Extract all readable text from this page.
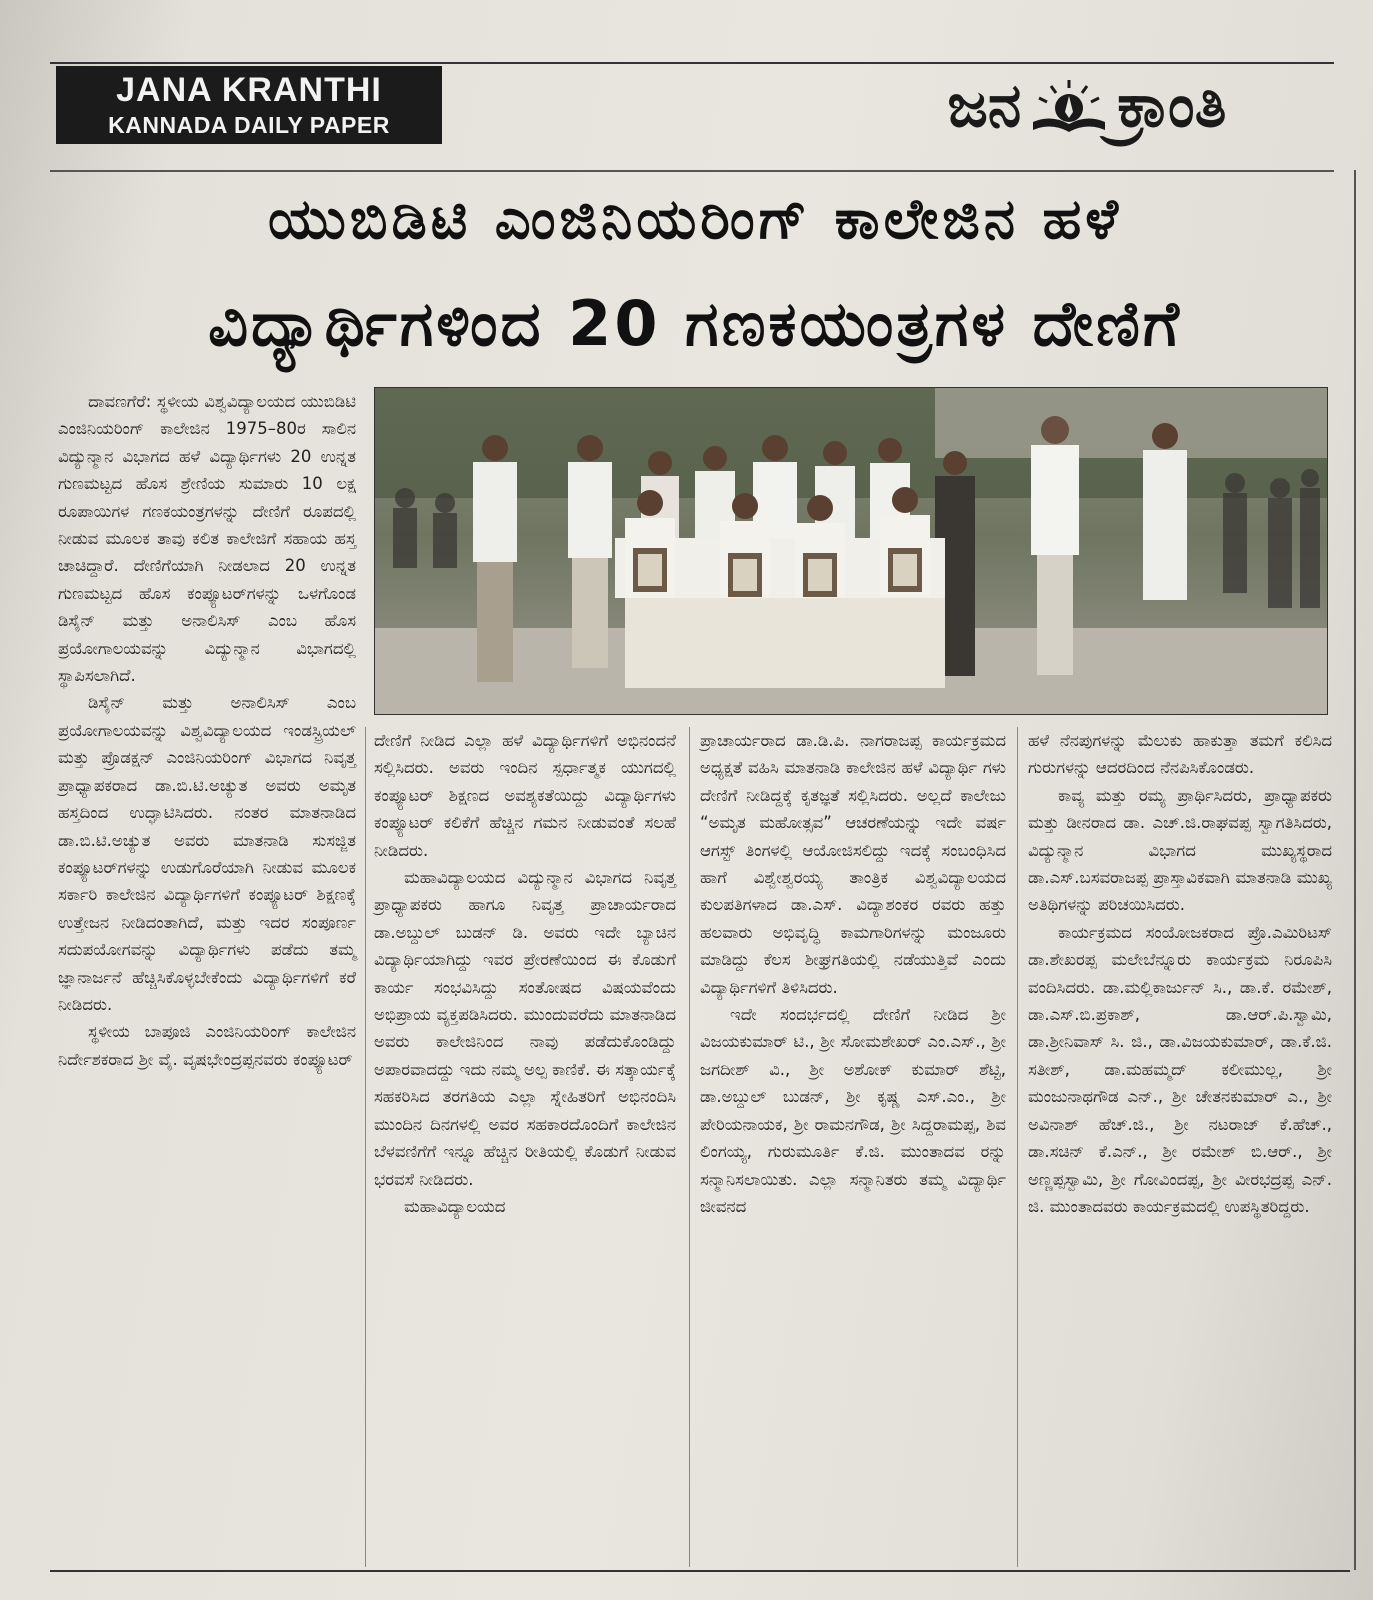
JANA KRANTHI
KANNADA DAILY PAPER	ಜನ ಕ್ರಾಂತಿ
ಯುಬಿಡಿಟಿ ಎಂಜಿನಿಯರಿಂಗ್ ಕಾಲೇಜಿನ ಹಳೆ
ವಿದ್ಯಾರ್ಥಿಗಳಿಂದ 20 ಗಣಕಯಂತ್ರಗಳ ದೇಣಿಗೆ

ದಾವಣಗೆರೆ: ಸ್ಥಳೀಯ ವಿಶ್ವವಿದ್ಯಾಲಯದ ಯುಬಿಡಿಟಿ ಎಂಜಿನಿಯರಿಂಗ್ ಕಾಲೇಜಿನ 1975–80ರ ಸಾಲಿನ ವಿದ್ಯುನ್ಮಾನ ವಿಭಾಗದ ಹಳೆ ವಿದ್ಯಾರ್ಥಿಗಳು 20 ಉನ್ನತ ಗುಣಮಟ್ಟದ ಹೊಸ ಶ್ರೇಣಿಯ ಸುಮಾರು 10 ಲಕ್ಷ ರೂಪಾಯಿಗಳ ಗಣಕಯಂತ್ರಗಳನ್ನು ದೇಣಿಗೆ ರೂಪದಲ್ಲಿ ನೀಡುವ ಮೂಲಕ ತಾವು ಕಲಿತ ಕಾಲೇಜಿಗೆ ಸಹಾಯ ಹಸ್ತ ಚಾಚಿದ್ದಾರೆ. ದೇಣಿಗೆಯಾಗಿ ನೀಡಲಾದ 20 ಉನ್ನತ ಗುಣಮಟ್ಟದ ಹೊಸ ಕಂಪ್ಯೂಟರ್‌ಗಳನ್ನು ಒಳಗೊಂಡ ಡಿಸೈನ್ ಮತ್ತು ಅನಾಲಿಸಿಸ್ ಎಂಬ ಹೊಸ ಪ್ರಯೋಗಾಲಯವನ್ನು ವಿದ್ಯುನ್ಮಾನ ವಿಭಾಗದಲ್ಲಿ ಸ್ಥಾಪಿಸಲಾಗಿದೆ.

ಡಿಸೈನ್ ಮತ್ತು ಅನಾಲಿಸಿಸ್ ಎಂಬ ಪ್ರಯೋಗಾಲಯವನ್ನು ವಿಶ್ವವಿದ್ಯಾಲಯದ ಇಂಡಸ್ಟ್ರಿಯಲ್ ಮತ್ತು ಪ್ರೊಡಕ್ಷನ್ ಎಂಜಿನಿಯರಿಂಗ್ ವಿಭಾಗದ ನಿವೃತ್ತ ಪ್ರಾಧ್ಯಾಪಕರಾದ ಡಾ.ಬಿ.ಟಿ.ಅಚ್ಯುತ ಅವರು ಅಮೃತ ಹಸ್ತದಿಂದ ಉದ್ಘಾಟಿಸಿದರು. ನಂತರ ಮಾತನಾಡಿದ ಡಾ.ಬಿ.ಟಿ.ಅಚ್ಯುತ ಅವರು ಮಾತನಾಡಿ ಸುಸಜ್ಜಿತ ಕಂಪ್ಯೂಟರ್‌ಗಳನ್ನು ಉಡುಗೊರೆಯಾಗಿ ನೀಡುವ ಮೂಲಕ ಸರ್ಕಾರಿ ಕಾಲೇಜಿನ ವಿದ್ಯಾರ್ಥಿಗಳಿಗೆ ಕಂಪ್ಯೂಟರ್ ಶಿಕ್ಷಣಕ್ಕೆ ಉತ್ತೇಜನ ನೀಡಿದಂತಾಗಿದೆ, ಮತ್ತು ಇದರ ಸಂಪೂರ್ಣ ಸದುಪಯೋಗವನ್ನು ವಿದ್ಯಾರ್ಥಿಗಳು ಪಡೆದು ತಮ್ಮ ಜ್ಞಾನಾರ್ಜನೆ ಹೆಚ್ಚಿಸಿಕೊಳ್ಳಬೇಕೆಂದು ವಿದ್ಯಾರ್ಥಿಗಳಿಗೆ ಕರೆ ನೀಡಿದರು.

ಸ್ಥಳೀಯ ಬಾಪೂಜಿ ಎಂಜಿನಿಯರಿಂಗ್ ಕಾಲೇಜಿನ ನಿರ್ದೇಶಕರಾದ ಶ್ರೀ ವೈ. ವೃಷಭೇಂದ್ರಪ್ಪನವರು ಕಂಪ್ಯೂಟರ್

ದೇಣಿಗೆ ನೀಡಿದ ಎಲ್ಲಾ ಹಳೆ ವಿದ್ಯಾರ್ಥಿಗಳಿಗೆ ಅಭಿನಂದನೆ ಸಲ್ಲಿಸಿದರು. ಅವರು ಇಂದಿನ ಸ್ಪರ್ಧಾತ್ಮಕ ಯುಗದಲ್ಲಿ ಕಂಪ್ಯೂಟರ್ ಶಿಕ್ಷಣದ ಅವಶ್ಯಕತೆಯಿದ್ದು ವಿದ್ಯಾರ್ಥಿಗಳು ಕಂಪ್ಯೂಟರ್ ಕಲಿಕೆಗೆ ಹೆಚ್ಚಿನ ಗಮನ ನೀಡುವಂತೆ ಸಲಹೆ ನೀಡಿದರು.

ಮಹಾವಿದ್ಯಾಲಯದ ವಿದ್ಯುನ್ಮಾನ ವಿಭಾಗದ ನಿವೃತ್ತ ಪ್ರಾಧ್ಯಾಪಕರು ಹಾಗೂ ನಿವೃತ್ತ ಪ್ರಾಚಾರ್ಯರಾದ ಡಾ.ಅಬ್ದುಲ್ ಬುಡನ್ ಡಿ. ಅವರು ಇದೇ ಬ್ಯಾಚಿನ ವಿದ್ಯಾರ್ಥಿಯಾಗಿದ್ದು ಇವರ ಪ್ರೇರಣೆಯಿಂದ ಈ ಕೊಡುಗೆ ಕಾರ್ಯ ಸಂಭವಿಸಿದ್ದು ಸಂತೋಷದ ವಿಷಯವೆಂದು ಅಭಿಪ್ರಾಯ ವ್ಯಕ್ತಪಡಿಸಿದರು. ಮುಂದುವರೆದು ಮಾತನಾಡಿದ ಅವರು ಕಾಲೇಜಿನಿಂದ ನಾವು ಪಡೆದುಕೊಂಡಿದ್ದು ಅಪಾರವಾದದ್ದು ಇದು ನಮ್ಮ ಅಲ್ಪ ಕಾಣಿಕೆ. ಈ ಸತ್ಕಾರ್ಯಕ್ಕೆ ಸಹಕರಿಸಿದ ತರಗತಿಯ ಎಲ್ಲಾ ಸ್ನೇಹಿತರಿಗೆ ಅಭಿನಂದಿಸಿ ಮುಂದಿನ ದಿನಗಳಲ್ಲಿ ಅವರ ಸಹಕಾರದೊಂದಿಗೆ ಕಾಲೇಜಿನ ಬೆಳವಣಿಗೆಗೆ ಇನ್ನೂ ಹೆಚ್ಚಿನ ರೀತಿಯಲ್ಲಿ ಕೊಡುಗೆ ನೀಡುವ ಭರವಸೆ ನೀಡಿದರು.

ಮಹಾವಿದ್ಯಾಲಯದ

ಪ್ರಾಚಾರ್ಯರಾದ ಡಾ.ಡಿ.ಪಿ. ನಾಗರಾಜಪ್ಪ ಕಾರ್ಯಕ್ರಮದ ಅಧ್ಯಕ್ಷತೆ ವಹಿಸಿ ಮಾತನಾಡಿ ಕಾಲೇಜಿನ ಹಳೆ ವಿದ್ಯಾರ್ಥಿ ಗಳು ದೇಣಿಗೆ ನೀಡಿದ್ದಕ್ಕೆ ಕೃತಜ್ಞತೆ ಸಲ್ಲಿಸಿದರು. ಅಲ್ಲದೆ ಕಾಲೇಜು “ಅಮೃತ ಮಹೋತ್ಸವ” ಆಚರಣೆಯನ್ನು ಇದೇ ವರ್ಷ ಆಗಸ್ಟ್ ತಿಂಗಳಲ್ಲಿ ಆಯೋಜಿಸಲಿದ್ದು ಇದಕ್ಕೆ ಸಂಬಂಧಿಸಿದ ಹಾಗೆ ವಿಶ್ವೇಶ್ವರಯ್ಯ ತಾಂತ್ರಿಕ ವಿಶ್ವವಿದ್ಯಾಲಯದ ಕುಲಪತಿಗಳಾದ ಡಾ.ಎಸ್. ವಿದ್ಯಾಶಂಕರ ರವರು ಹತ್ತು ಹಲವಾರು ಅಭಿವೃದ್ಧಿ ಕಾಮಗಾರಿಗಳನ್ನು ಮಂಜೂರು ಮಾಡಿದ್ದು ಕೆಲಸ ಶೀಘ್ರಗತಿಯಲ್ಲಿ ನಡೆಯುತ್ತಿವೆ ಎಂದು ವಿದ್ಯಾರ್ಥಿಗಳಿಗೆ ತಿಳಿಸಿದರು.

ಇದೇ ಸಂದರ್ಭದಲ್ಲಿ ದೇಣಿಗೆ ನೀಡಿದ ಶ್ರೀ ವಿಜಯಕುಮಾರ್ ಟಿ., ಶ್ರೀ ಸೋಮಶೇಖರ್ ಎಂ.ಎಸ್., ಶ್ರೀ ಜಗದೀಶ್ ವಿ., ಶ್ರೀ ಅಶೋಕ್ ಕುಮಾರ್ ಶೆಟ್ಟಿ, ಡಾ.ಅಬ್ದುಲ್ ಬುಡನ್, ಶ್ರೀ ಕೃಷ್ಣ ಎಸ್.ಎಂ., ಶ್ರೀ ಪೇರಿಯನಾಯಕ, ಶ್ರೀ ರಾಮನಗೌಡ, ಶ್ರೀ ಸಿದ್ದರಾಮಪ್ಪ, ಶಿವ ಲಿಂಗಯ್ಯ, ಗುರುಮೂರ್ತಿ ಕೆ.ಜಿ. ಮುಂತಾದವ ರನ್ನು ಸನ್ಮಾನಿಸಲಾಯಿತು. ಎಲ್ಲಾ ಸನ್ಮಾನಿತರು ತಮ್ಮ ವಿದ್ಯಾರ್ಥಿ ಜೀವನದ

ಹಳೆ ನೆನಪುಗಳನ್ನು ಮೆಲುಕು ಹಾಕುತ್ತಾ ತಮಗೆ ಕಲಿಸಿದ ಗುರುಗಳನ್ನು ಆದರದಿಂದ ನೆನಪಿಸಿಕೊಂಡರು.

ಕಾವ್ಯ ಮತ್ತು ರಮ್ಯ ಪ್ರಾರ್ಥಿಸಿದರು, ಪ್ರಾಧ್ಯಾಪಕರು ಮತ್ತು ಡೀನರಾದ ಡಾ. ಎಚ್.ಜಿ.ರಾಘವಪ್ಪ ಸ್ವಾಗತಿಸಿದರು, ವಿದ್ಯುನ್ಮಾನ ವಿಭಾಗದ ಮುಖ್ಯಸ್ಥರಾದ ಡಾ.ಎಸ್.ಬಸವರಾಜಪ್ಪ ಪ್ರಾಸ್ತಾವಿಕವಾಗಿ ಮಾತನಾಡಿ ಮುಖ್ಯ ಅತಿಥಿಗಳನ್ನು ಪರಿಚಯಿಸಿದರು.

ಕಾರ್ಯಕ್ರಮದ ಸಂಯೋಜಕರಾದ ಪ್ರೊ.ಎಮಿರಿಟಸ್ ಡಾ.ಶೇಖರಪ್ಪ ಮಲೇಬೆನ್ನೂರು ಕಾರ್ಯಕ್ರಮ ನಿರೂಪಿಸಿ ವಂದಿಸಿದರು. ಡಾ.ಮಲ್ಲಿಕಾರ್ಜುನ್ ಸಿ., ಡಾ.ಕೆ. ರಮೇಶ್, ಡಾ.ಎಸ್.ಬಿ.ಪ್ರಕಾಶ್, ಡಾ.ಆರ್.ಪಿ.ಸ್ವಾಮಿ, ಡಾ.ಶ್ರೀನಿವಾಸ್ ಸಿ. ಜಿ., ಡಾ.ವಿಜಯಕುಮಾರ್, ಡಾ.ಕೆ.ಜಿ. ಸತೀಶ್, ಡಾ.ಮಹಮ್ಮದ್ ಕಲೀಮುಲ್ಲ, ಶ್ರೀ ಮಂಜುನಾಥಗೌಡ ಎನ್., ಶ್ರೀ ಚೇತನಕುಮಾರ್ ಎ., ಶ್ರೀ ಅವಿನಾಶ್ ಹೆಚ್.ಜಿ., ಶ್ರೀ ನಟರಾಜ್ ಕೆ.ಹೆಚ್., ಡಾ.ಸಚಿನ್ ಕೆ.ಎನ್., ಶ್ರೀ ರಮೇಶ್ ಬಿ.ಆರ್., ಶ್ರೀ ಅಣ್ಣಪ್ಪಸ್ವಾಮಿ, ಶ್ರೀ ಗೋವಿಂದಪ್ಪ, ಶ್ರೀ ವೀರಭದ್ರಪ್ಪ ಎನ್. ಜಿ. ಮುಂತಾದವರು ಕಾರ್ಯಕ್ರಮದಲ್ಲಿ ಉಪಸ್ಥಿತರಿದ್ದರು.
